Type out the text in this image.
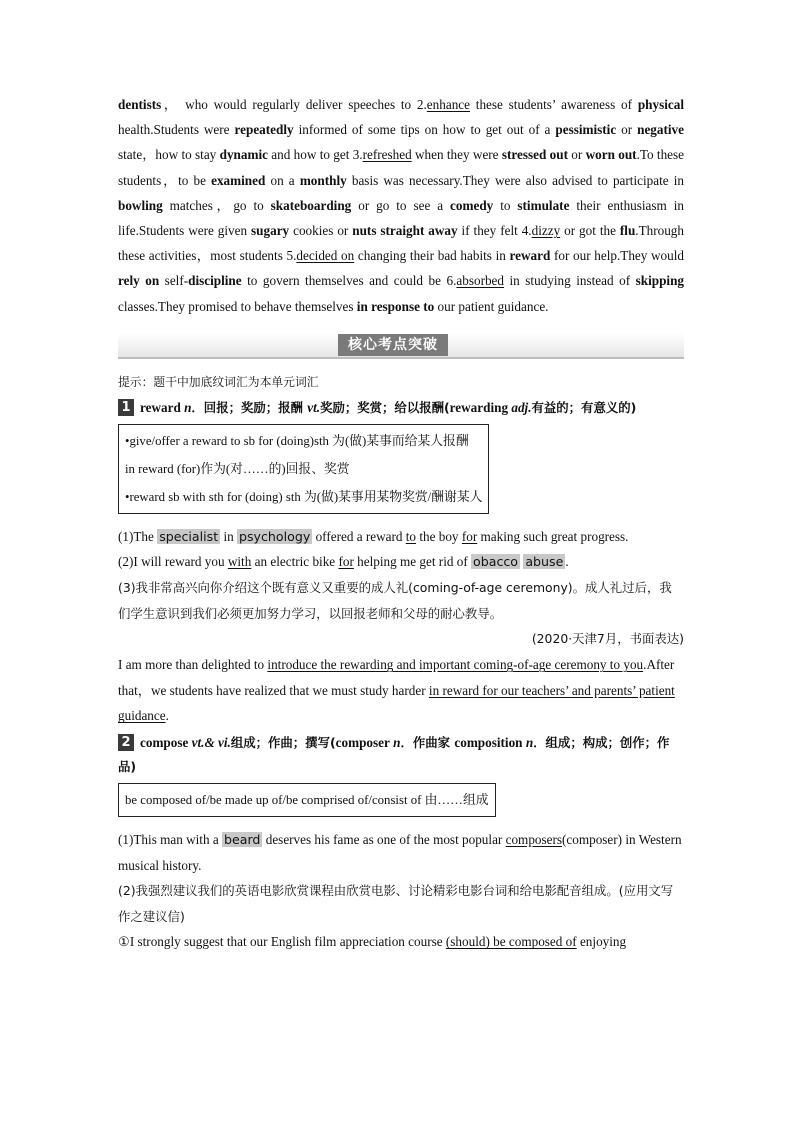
dentists， who would regularly deliver speeches to 2.enhance these students’ awareness of physical health.Students were repeatedly informed of some tips on how to get out of a pessimistic or negative state，how to stay dynamic and how to get 3.refreshed when they were stressed out or worn out.To these students，to be examined on a monthly basis was necessary.They were also advised to participate in bowling matches，go to skateboarding or go to see a comedy to stimulate their enthusiasm in life.Students were given sugary cookies or nuts straight away if they felt 4.dizzy or got the flu.Through these activities，most students 5.decided on changing their bad habits in reward for our help.They would rely on self-discipline to govern themselves and could be 6.absorbed in studying instead of skipping classes.They promised to behave themselves in response to our patient guidance.

核心考点突破

提示：题干中加底纹词汇为本单元词汇

1 reward n．回报；奖励；报酬 vt.奖励；奖赏；给以报酬(rewarding adj.有益的；有意义的)

•give/offer a reward to sb for (doing)sth 为(做)某事而给某人报酬
in reward (for)作为(对……的)回报、奖赏
•reward sb with sth for (doing) sth 为(做)某事用某物奖赏/酬谢某人

(1)The specialist in psychology offered a reward to the boy for making such great progress.

(2)I will reward you with an electric bike for helping me get rid of obacco abuse .

(3)我非常高兴向你介绍这个既有意义又重要的成人礼(coming-of-age ceremony)。成人礼过后，我们学生意识到我们必须更加努力学习，以回报老师和父母的耐心教导。

(2020·天津7月，书面表达)

I am more than delighted to introduce the rewarding and important coming-of-age ceremony to you.After that，we students have realized that we must study harder in reward for our teachers’ and parents’ patient guidance.

2 compose vt.& vi.组成；作曲；撰写(composer n．作曲家 composition n．组成；构成；创作；作品)

be composed of/be made up of/be comprised of/consist of 由……组成

(1)This man with a beard deserves his fame as one of the most popular composers(composer) in Western musical history.

(2)我强烈建议我们的英语电影欣赏课程由欣赏电影、讨论精彩电影台词和给电影配音组成。(应用文写作之建议信)

①I strongly suggest that our English film appreciation course (should) be composed of enjoying
